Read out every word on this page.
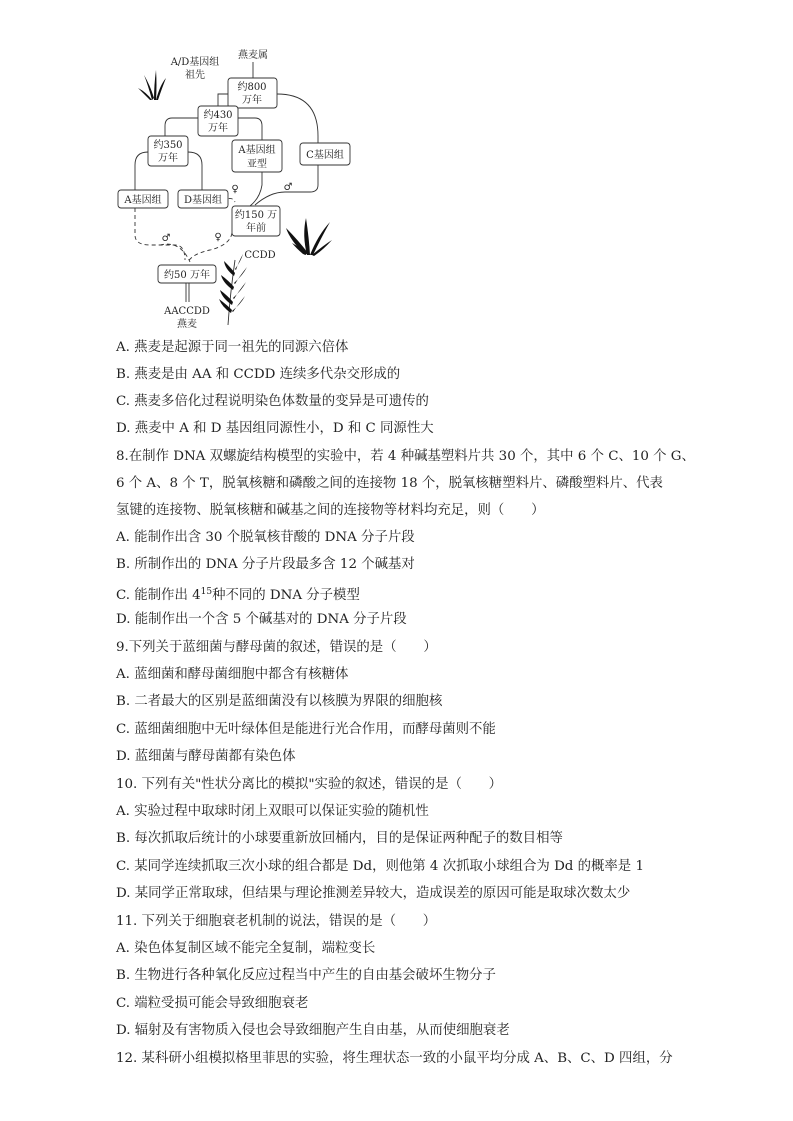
燕麦属
A/D基因组
祖先
约800
万年
约430
万年
约350
万年
A基因组
亚型
C基因组
A基因组 D基因组
♀	♂
约150 万
年前
♂	♀
CCDD
约50 万年
AACCDD
燕麦
A. 燕麦是起源于同一祖先的同源六倍体
B. 燕麦是由 AA 和 CCDD 连续多代杂交形成的
C. 燕麦多倍化过程说明染色体数量的变异是可遗传的
D. 燕麦中 A 和 D 基因组同源性小，D 和 C 同源性大
8.在制作 DNA 双螺旋结构模型的实验中，若 4 种碱基塑料片共 30 个，其中 6 个 C、10 个 G、
6 个 A、8 个 T，脱氧核糖和磷酸之间的连接物 18 个，脱氧核糖塑料片、磷酸塑料片、代表
氢键的连接物、脱氧核糖和碱基之间的连接物等材料均充足，则（　　）
A. 能制作出含 30 个脱氧核苷酸的 DNA 分子片段
B. 所制作出的 DNA 分子片段最多含 12 个碱基对
C. 能制作出 $4^{15}$种不同的 DNA 分子模型
D. 能制作出一个含 5 个碱基对的 DNA 分子片段
9.下列关于蓝细菌与酵母菌的叙述，错误的是（　　）
A. 蓝细菌和酵母菌细胞中都含有核糖体
B. 二者最大的区别是蓝细菌没有以核膜为界限的细胞核
C. 蓝细菌细胞中无叶绿体但是能进行光合作用，而酵母菌则不能
D. 蓝细菌与酵母菌都有染色体
10. 下列有关"性状分离比的模拟"实验的叙述，错误的是（　　）
A. 实验过程中取球时闭上双眼可以保证实验的随机性
B. 每次抓取后统计的小球要重新放回桶内，目的是保证两种配子的数目相等
C. 某同学连续抓取三次小球的组合都是 Dd，则他第 4 次抓取小球组合为 Dd 的概率是 1
D. 某同学正常取球，但结果与理论推测差异较大，造成误差的原因可能是取球次数太少
11. 下列关于细胞衰老机制的说法，错误的是（　　）
A. 染色体复制区域不能完全复制，端粒变长
B. 生物进行各种氧化反应过程当中产生的自由基会破坏生物分子
C. 端粒受损可能会导致细胞衰老
D. 辐射及有害物质入侵也会导致细胞产生自由基，从而使细胞衰老
12. 某科研小组模拟格里菲思的实验，将生理状态一致的小鼠平均分成 A、B、C、D 四组，分
